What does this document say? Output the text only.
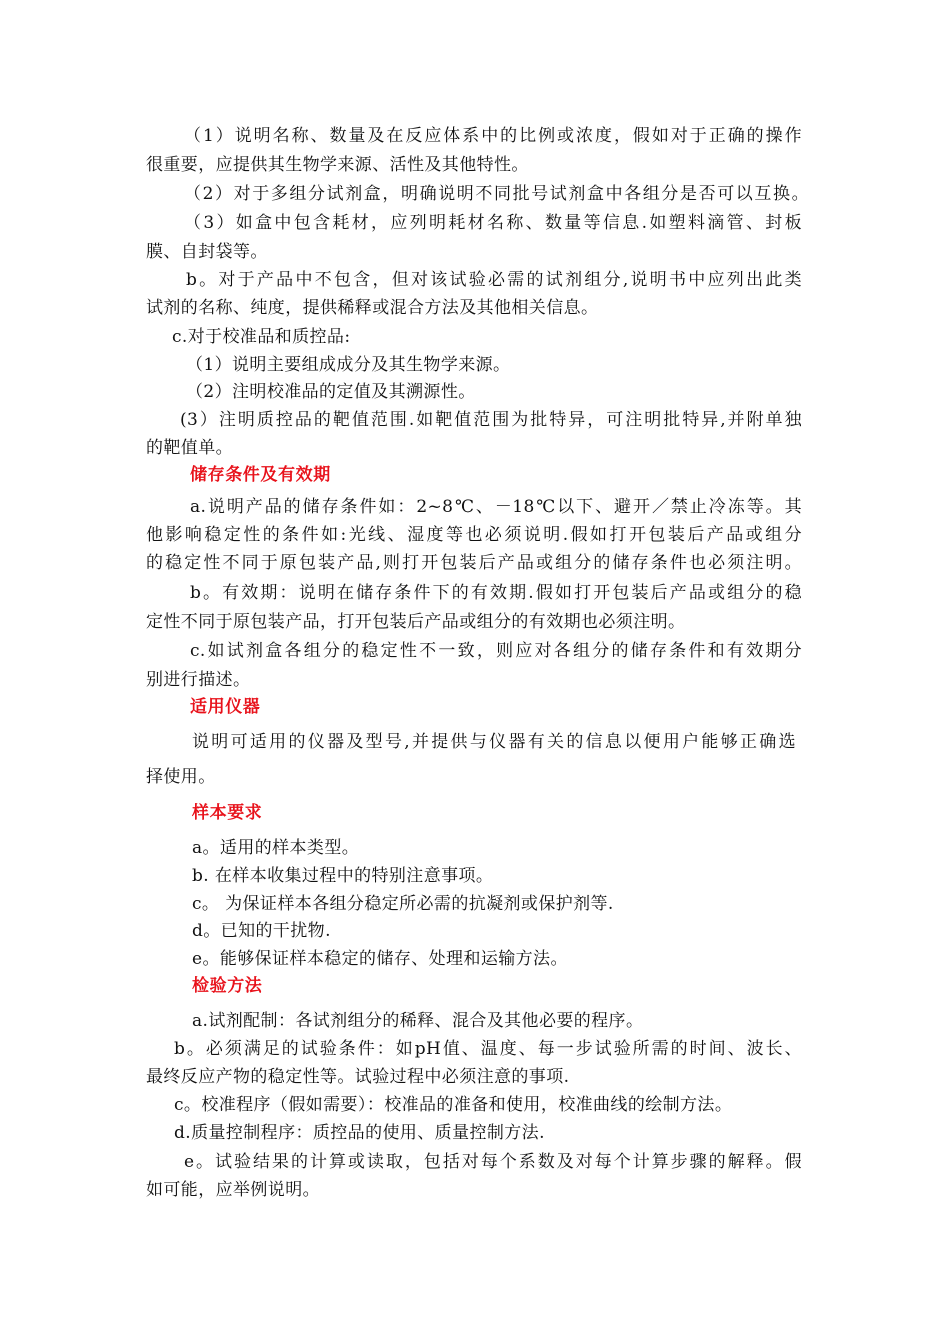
（1）说明名称、数量及在反应体系中的比例或浓度，假如对于正确的操作
很重要，应提供其生物学来源、活性及其他特性。
（2）对于多组分试剂盒，明确说明不同批号试剂盒中各组分是否可以互换。
（3）如盒中包含耗材，应列明耗材名称、数量等信息.如塑料滴管、封板
膜、自封袋等。
b。对于产品中不包含，但对该试验必需的试剂组分,说明书中应列出此类
试剂的名称、纯度，提供稀释或混合方法及其他相关信息。
c.对于校准品和质控品:
（1）说明主要组成成分及其生物学来源。
（2）注明校准品的定值及其溯源性。
(3）注明质控品的靶值范围.如靶值范围为批特异，可注明批特异,并附单独
的靶值单。
储存条件及有效期
a.说明产品的储存条件如：2~8℃、－18℃以下、避开／禁止冷冻等。其
他影响稳定性的条件如:光线、湿度等也必须说明.假如打开包装后产品或组分
的稳定性不同于原包装产品,则打开包装后产品或组分的储存条件也必须注明。
b。有效期：说明在储存条件下的有效期.假如打开包装后产品或组分的稳
定性不同于原包装产品，打开包装后产品或组分的有效期也必须注明。
c.如试剂盒各组分的稳定性不一致，则应对各组分的储存条件和有效期分
别进行描述。
适用仪器
说明可适用的仪器及型号,并提供与仪器有关的信息以便用户能够正确选
择使用。
样本要求
a。适用的样本类型。
b. 在样本收集过程中的特别注意事项。
c。 为保证样本各组分稳定所必需的抗凝剂或保护剂等.
d。已知的干扰物.
e。能够保证样本稳定的储存、处理和运输方法。
检验方法
a.试剂配制：各试剂组分的稀释、混合及其他必要的程序。
b。必须满足的试验条件：如pH值、温度、每一步试验所需的时间、波长、
最终反应产物的稳定性等。试验过程中必须注意的事项.
c。校准程序（假如需要）：校准品的准备和使用，校准曲线的绘制方法。
d.质量控制程序：质控品的使用、质量控制方法.
e。试验结果的计算或读取，包括对每个系数及对每个计算步骤的解释。假
如可能，应举例说明。
